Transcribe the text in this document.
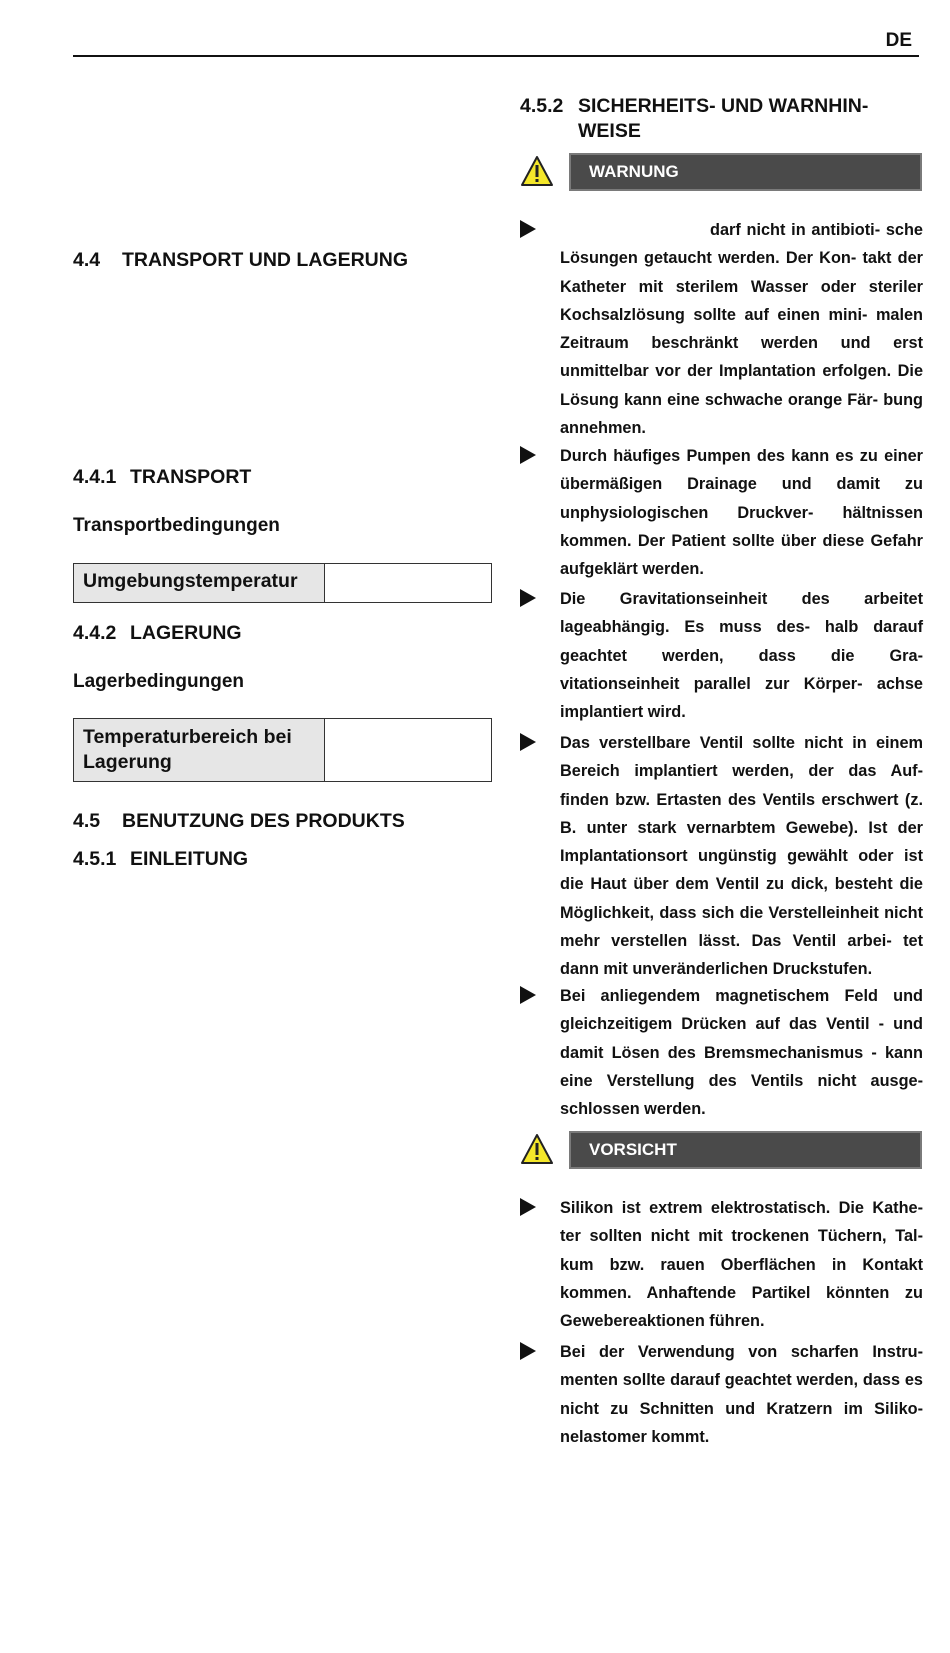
DE
4.4 TRANSPORT UND LAGERUNG
4.4.1 TRANSPORT
Transportbedingungen
Umgebungstemperatur	
4.4.2 LAGERUNG
Lagerbedingungen
Temperaturbereich bei
Lagerung	
4.5 BENUTZUNG DES PRODUKTS
4.5.1 EINLEITUNG
4.5.2 SICHERHEITS- UND WARNHIN-
WEISE
WARNUNG

darf nicht in antibioti- sche Lösungen getaucht werden. Der Kon- takt der Katheter mit sterilem Wasser oder steriler Kochsalzlösung sollte auf einen mini- malen Zeitraum beschränkt werden und erst unmittelbar vor der Implantation erfolgen. Die Lösung kann eine schwache orange Fär- bung annehmen.

Durch häufiges Pumpen des kann es zu einer übermäßigen Drainage und damit zu unphysiologischen Druckver- hältnissen kommen. Der Patient sollte über diese Gefahr aufgeklärt werden.

Die Gravitationseinheit des arbeitet lageabhängig. Es muss des- halb darauf geachtet werden, dass die Gra- vitationseinheit parallel zur Körper- achse implantiert wird.

Das verstellbare Ventil sollte nicht in einem Bereich implantiert werden, der das Auf- finden bzw. Ertasten des Ventils erschwert (z. B. unter stark vernarbtem Gewebe). Ist der Implantationsort ungünstig gewählt oder ist die Haut über dem Ventil zu dick, besteht die Möglichkeit, dass sich die Verstelleinheit nicht mehr verstellen lässt. Das Ventil arbei- tet dann mit unveränderlichen Druckstufen.

Bei anliegendem magnetischem Feld und gleichzeitigem Drücken auf das Ventil - und damit Lösen des Bremsmechanismus - kann eine Verstellung des Ventils nicht ausge- schlossen werden.

VORSICHT

Silikon ist extrem elektrostatisch. Die Kathe- ter sollten nicht mit trockenen Tüchern, Tal- kum bzw. rauen Oberflächen in Kontakt kommen. Anhaftende Partikel könnten zu Gewebereaktionen führen.

Bei der Verwendung von scharfen Instru- menten sollte darauf geachtet werden, dass es nicht zu Schnitten und Kratzern im Siliko- nelastomer kommt.
